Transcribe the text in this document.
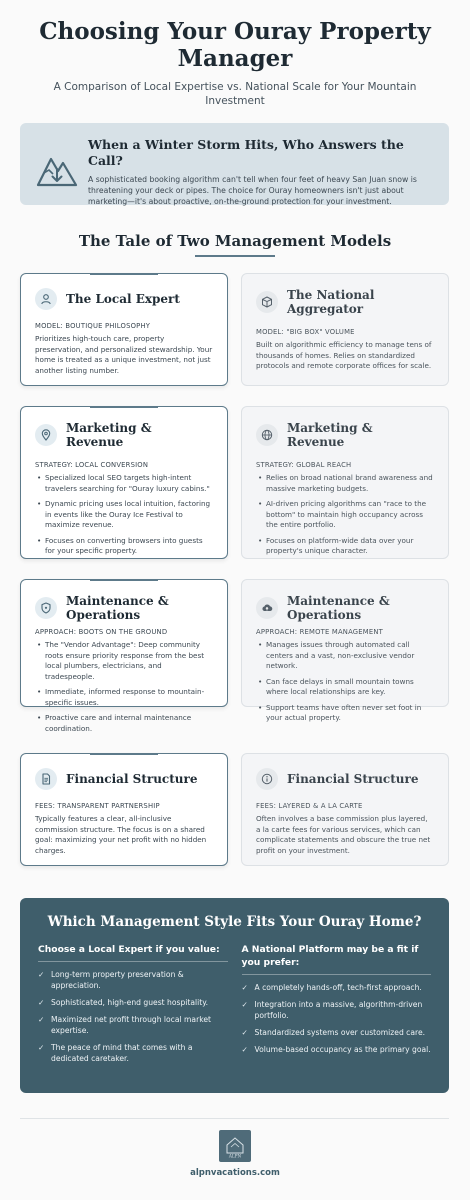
Choosing Your Ouray Property Manager

A Comparison of Local Expertise vs. National Scale for Your Mountain Investment

When a Winter Storm Hits, Who Answers the Call?
A sophisticated booking algorithm can't tell when four feet of heavy San Juan snow is threatening your deck or pipes. The choice for Ouray homeowners isn't just about marketing—it's about proactive, on-the-ground protection for your investment.
The Tale of Two Management Models
The Local Expert
MODEL: BOUTIQUE PHILOSOPHY
Prioritizes high-touch care, property preservation, and personalized stewardship. Your home is treated as a unique investment, not just another listing number.
The National Aggregator
MODEL: "BIG BOX" VOLUME
Built on algorithmic efficiency to manage tens of thousands of homes. Relies on standardized protocols and remote corporate offices for scale.
Marketing & Revenue
STRATEGY: LOCAL CONVERSION
• Specialized local SEO targets high-intent travelers searching for "Ouray luxury cabins."
• Dynamic pricing uses local intuition, factoring in events like the Ouray Ice Festival to maximize revenue.
• Focuses on converting browsers into guests for your specific property.
Marketing & Revenue
STRATEGY: GLOBAL REACH
• Relies on broad national brand awareness and massive marketing budgets.
• AI-driven pricing algorithms can "race to the bottom" to maintain high occupancy across the entire portfolio.
• Focuses on platform-wide data over your property's unique character.
Maintenance & Operations
APPROACH: BOOTS ON THE GROUND
• The "Vendor Advantage": Deep community roots ensure priority response from the best local plumbers, electricians, and tradespeople.
• Immediate, informed response to mountain-specific issues.
• Proactive care and internal maintenance coordination.
Maintenance & Operations
APPROACH: REMOTE MANAGEMENT
• Manages issues through automated call centers and a vast, non-exclusive vendor network.
• Can face delays in small mountain towns where local relationships are key.
• Support teams have often never set foot in your actual property.
Financial Structure
FEES: TRANSPARENT PARTNERSHIP
Typically features a clear, all-inclusive commission structure. The focus is on a shared goal: maximizing your net profit with no hidden charges.
Financial Structure
FEES: LAYERED & A LA CARTE
Often involves a base commission plus layered, a la carte fees for various services, which can complicate statements and obscure the true net profit on your investment.
Which Management Style Fits Your Ouray Home?
Choose a Local Expert if you value:
✓ Long-term property preservation & appreciation.
✓ Sophisticated, high-end guest hospitality.
✓ Maximized net profit through local market expertise.
✓ The peace of mind that comes with a dedicated caretaker.
A National Platform may be a fit if you prefer:
✓ A completely hands-off, tech-first approach.
✓ Integration into a massive, algorithm-driven portfolio.
✓ Standardized systems over customized care.
✓ Volume-based occupancy as the primary goal.
ALPN
alpnvacations.com
